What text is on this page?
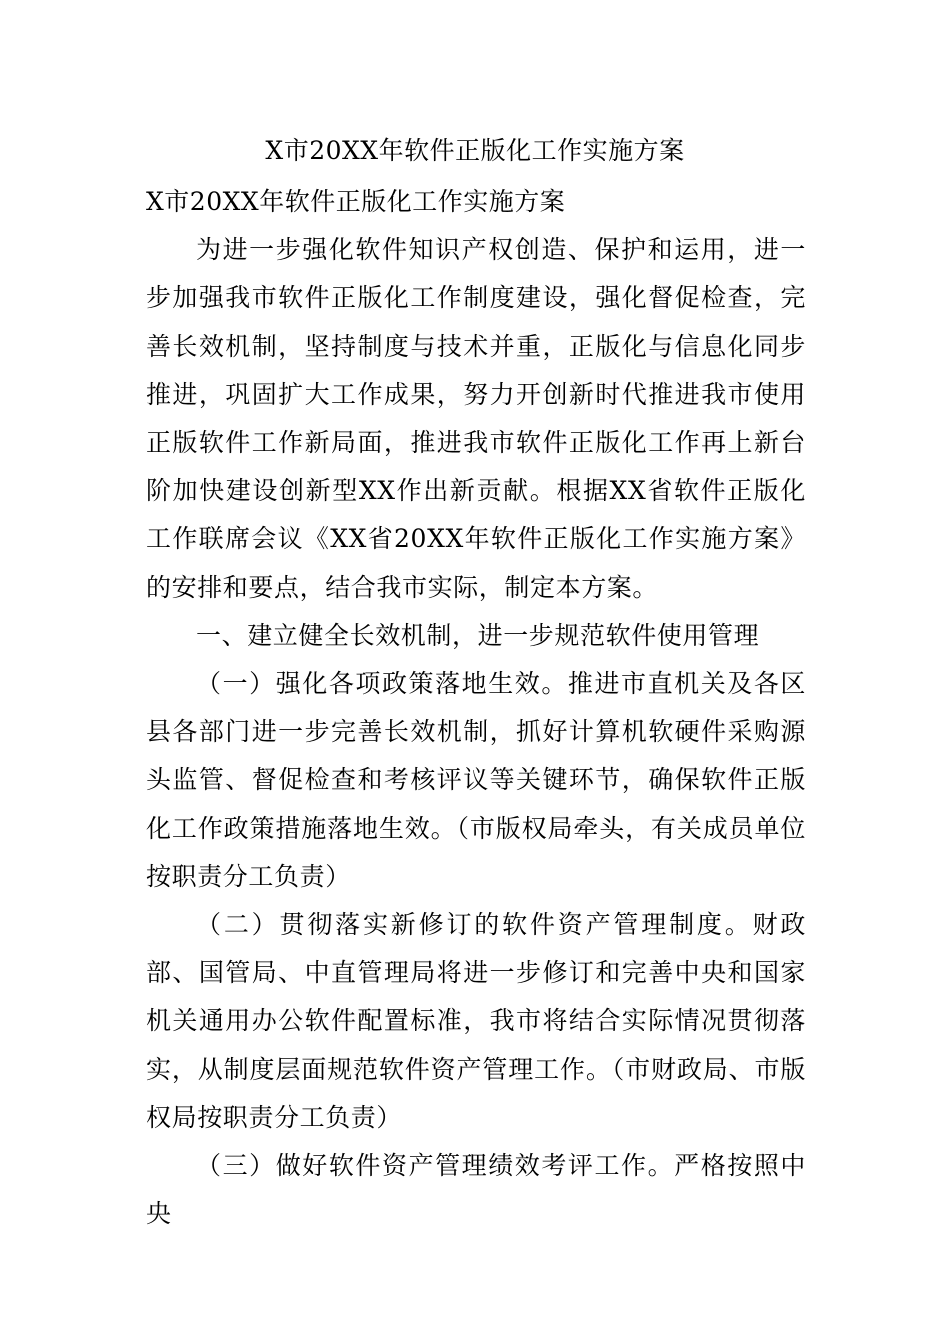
X市20XX年软件正版化工作实施方案

X市20XX年软件正版化工作实施方案

为进一步强化软件知识产权创造、保护和运用，进一步加强我市软件正版化工作制度建设，强化督促检查，完善长效机制，坚持制度与技术并重，正版化与信息化同步推进，巩固扩大工作成果，努力开创新时代推进我市使用正版软件工作新局面，推进我市软件正版化工作再上新台阶加快建设创新型XX作出新贡献。根据XX省软件正版化工作联席会议《XX省20XX年软件正版化工作实施方案》的安排和要点，结合我市实际，制定本方案。

一、建立健全长效机制，进一步规范软件使用管理

（一）强化各项政策落地生效。推进市直机关及各区县各部门进一步完善长效机制，抓好计算机软硬件采购源头监管、督促检查和考核评议等关键环节，确保软件正版化工作政策措施落地生效。（市版权局牵头，有关成员单位按职责分工负责）

（二）贯彻落实新修订的软件资产管理制度。财政部、国管局、中直管理局将进一步修订和完善中央和国家机关通用办公软件配置标准，我市将结合实际情况贯彻落实，从制度层面规范软件资产管理工作。（市财政局、市版权局按职责分工负责）

（三）做好软件资产管理绩效考评工作。严格按照中央
